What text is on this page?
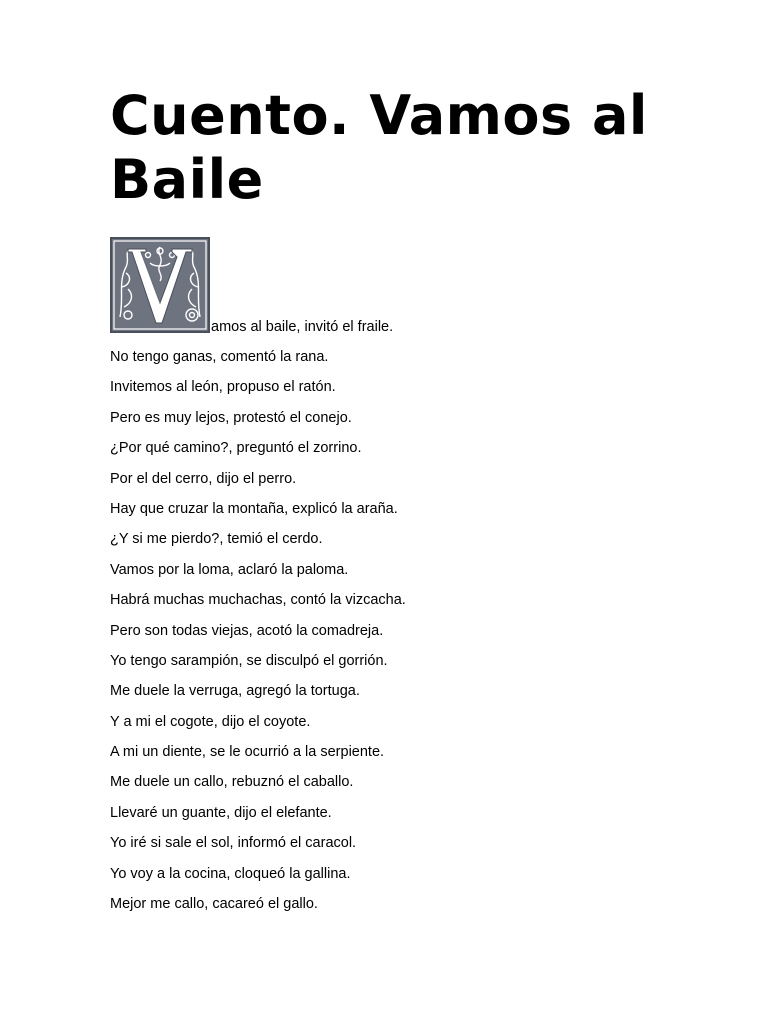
Cuento. Vamos al Baile
amos al baile, invitó el fraile.
No tengo ganas, comentó la rana.
Invitemos al león, propuso el ratón.
Pero es muy lejos, protestó el conejo.
¿Por qué camino?, preguntó el zorrino.
Por el del cerro, dijo el perro.
Hay que cruzar la montaña, explicó la araña.
¿Y si me pierdo?, temió el cerdo.
Vamos por la loma, aclaró la paloma.
Habrá muchas muchachas, contó la vizcacha.
Pero son todas viejas, acotó la comadreja.
Yo tengo sarampión, se disculpó el gorrión.
Me duele la verruga, agregó la tortuga.
Y a mi el cogote, dijo el coyote.
A mi un diente, se le ocurrió a la serpiente.
Me duele un callo, rebuznó el caballo.
Llevaré un guante, dijo el elefante.
Yo iré si sale el sol, informó el caracol.
Yo voy a la cocina, cloqueó la gallina.
Mejor me callo, cacareó el gallo.
